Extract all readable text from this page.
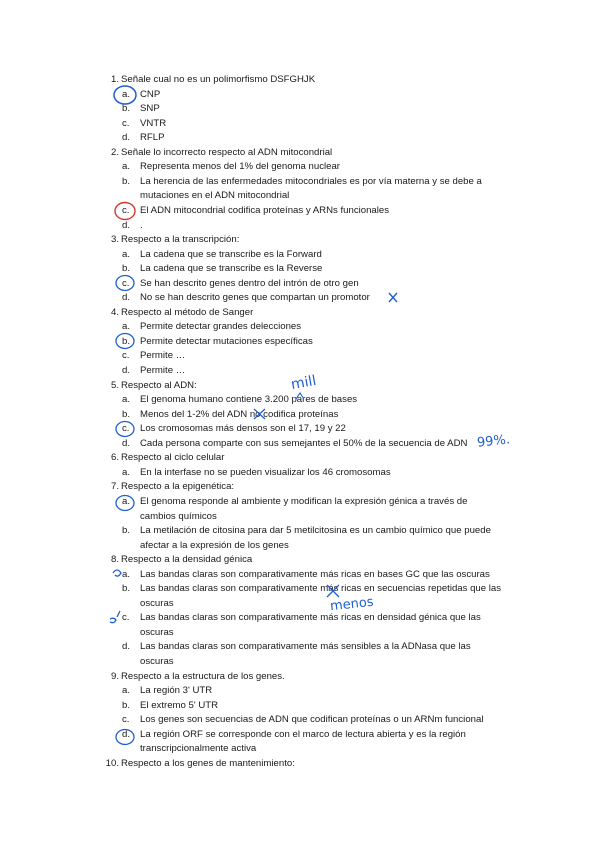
1. Señale cual no es un polimorfismo DSFGHJK
a.	CNP
b.	SNP
c.	VNTR
d.	RFLP
2. Señale lo incorrecto respecto al ADN mitocondrial
a.	Representa menos del 1% del genoma nuclear
b.	La herencia de las enfermedades mitocondriales es por vía materna y se debe a
mutaciones en el ADN mitocondrial
c.	El ADN mitocondrial codifica proteínas y ARNs funcionales
d.	.
3. Respecto a la transcripción:
a.	La cadena que se transcribe es la Forward
b.	La cadena que se transcribe es la Reverse
c.	Se han descrito genes dentro del intrón de otro gen
d.	No se han descrito genes que compartan un promotor
4. Respecto al método de Sanger
a.	Permite detectar grandes delecciones
b.	Permite detectar mutaciones específicas
c.	Permite …
d.	Permite …
5. Respecto al ADN:
a.	El genoma humano contiene 3.200 pares de bases
b.	Menos del 1-2% del ADN no codifica proteínas
c.	Los cromosomas más densos son el 17, 19 y 22
d.	Cada persona comparte con sus semejantes el 50% de la secuencia de ADN
6. Respecto al ciclo celular
a.	En la interfase no se pueden visualizar los 46 cromosomas
7. Respecto a la epigenética:
a.	El genoma responde al ambiente y modifican la expresión génica a través de
cambios químicos
b.	La metilación de citosina para dar 5 metilcitosina es un cambio químico que puede
afectar a la expresión de los genes
8. Respecto a la densidad génica
a.	Las bandas claras son comparativamente más ricas en bases GC que las oscuras
b.	Las bandas claras son comparativamente más ricas en secuencias repetidas que las
oscuras
c.	Las bandas claras son comparativamente más ricas en densidad génica que las
oscuras
d.	Las bandas claras son comparativamente más sensibles a la ADNasa que las
oscuras
9. Respecto a la estructura de los genes.
a.	La región 3' UTR
b.	El extremo 5' UTR
c.	Los genes son secuencias de ADN que codifican proteínas o un ARNm funcional
d.	La región ORF se corresponde con el marco de lectura abierta y es la región
transcripcionalmente activa
10. Respecto a los genes de mantenimiento:
mill
menos
99%.
